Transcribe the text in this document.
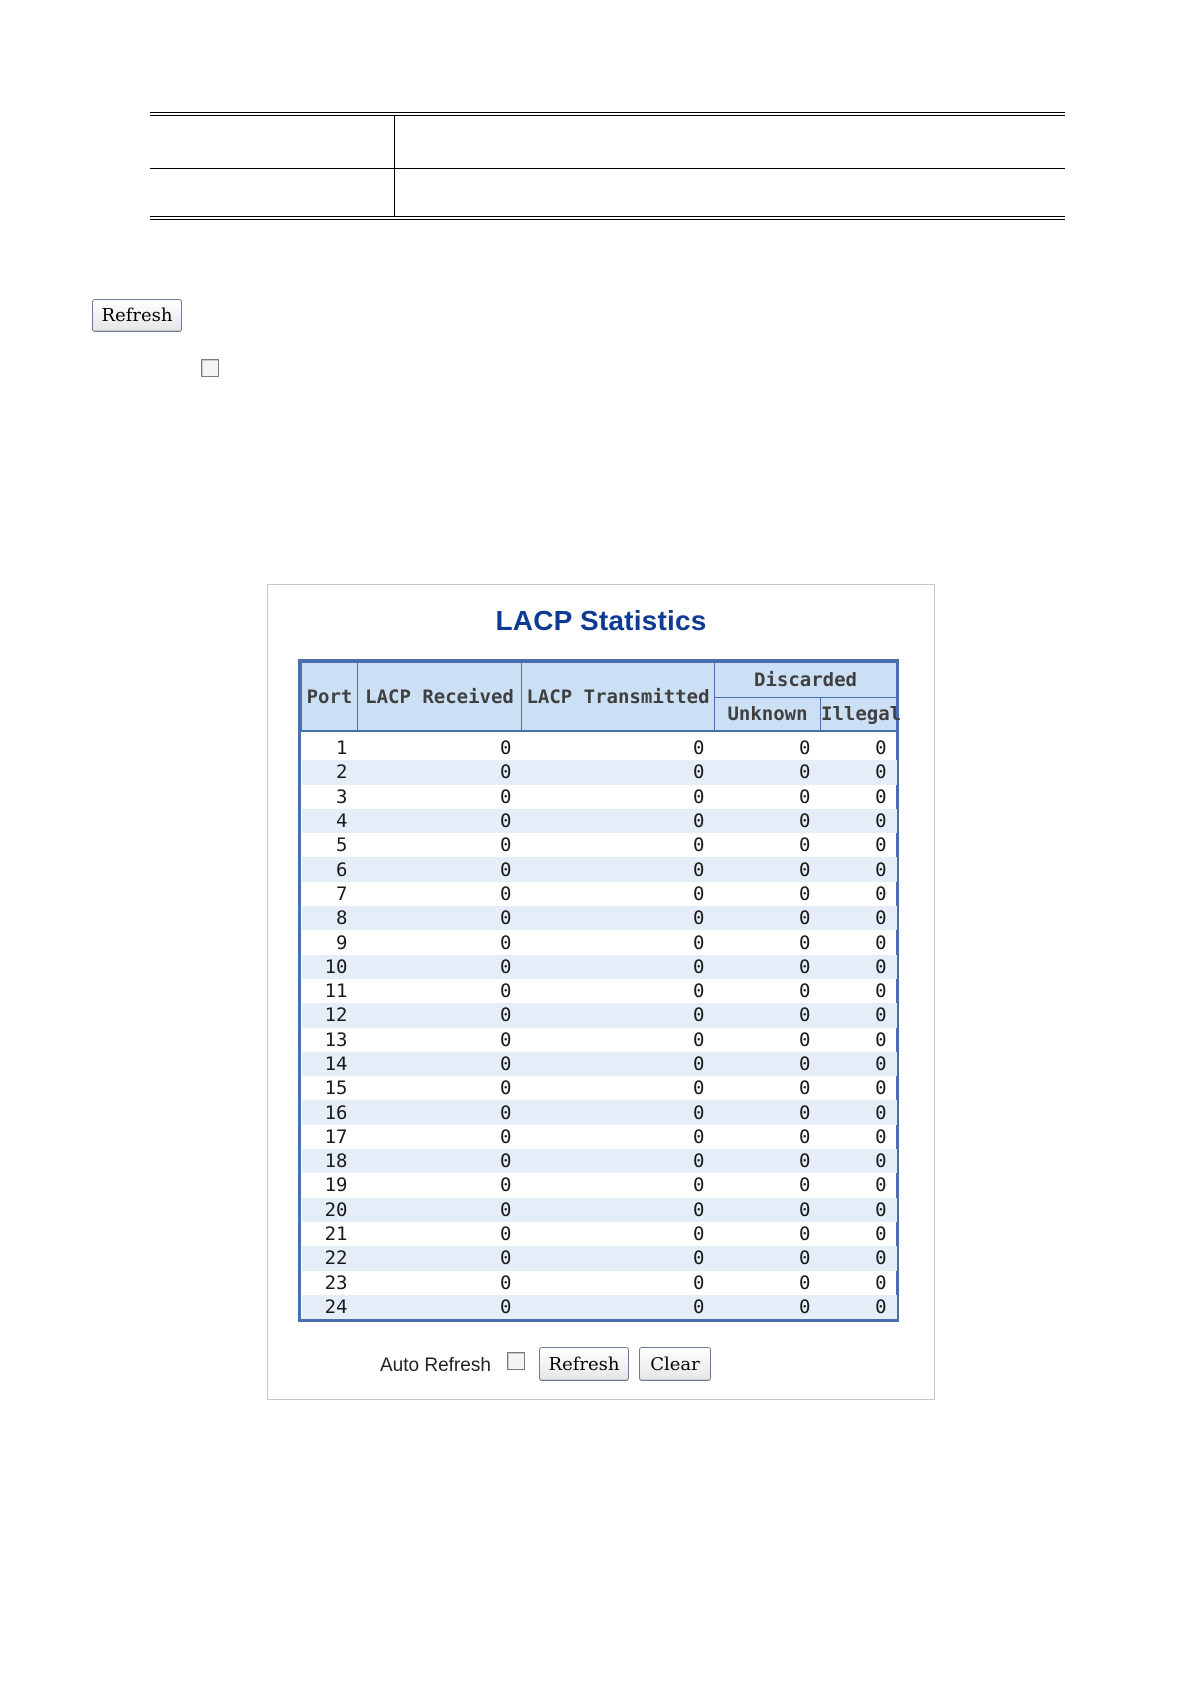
Refresh
LACP Statistics
Port	LACP Received	LACP Transmitted	Discarded	
			Unknown	Illegal
1	0	0	0	0
2	0	0	0	0
3	0	0	0	0
4	0	0	0	0
5	0	0	0	0
6	0	0	0	0
7	0	0	0	0
8	0	0	0	0
9	0	0	0	0
10	0	0	0	0
11	0	0	0	0
12	0	0	0	0
13	0	0	0	0
14	0	0	0	0
15	0	0	0	0
16	0	0	0	0
17	0	0	0	0
18	0	0	0	0
19	0	0	0	0
20	0	0	0	0
21	0	0	0	0
22	0	0	0	0
23	0	0	0	0
24	0	0	0	0
Auto Refresh	Refresh	Clear
